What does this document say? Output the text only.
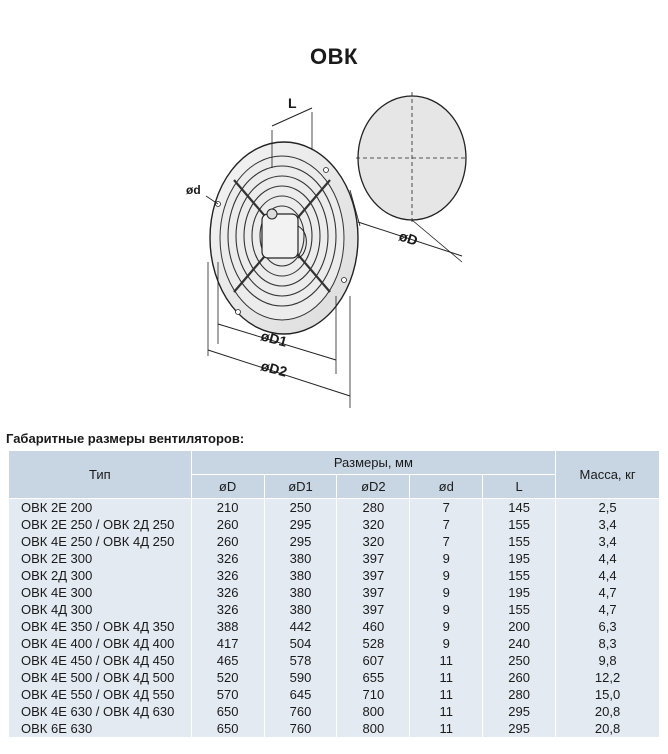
ОВК
øD
L
ød
øD1
øD2
Габаритные размеры вентиляторов:
Тип	Размеры, мм					Масса, кг
	øD	øD1	øD2	ød	L	
ОВК 2Е 200	210	250	280	7	145	2,5
ОВК 2Е 250 / ОВК 2Д 250	260	295	320	7	155	3,4
ОВК 4Е 250 / ОВК 4Д 250	260	295	320	7	155	3,4
ОВК 2Е 300	326	380	397	9	195	4,4
ОВК 2Д 300	326	380	397	9	155	4,4
ОВК 4Е 300	326	380	397	9	195	4,7
ОВК 4Д 300	326	380	397	9	155	4,7
ОВК 4Е 350 / ОВК 4Д 350	388	442	460	9	200	6,3
ОВК 4Е 400 / ОВК 4Д 400	417	504	528	9	240	8,3
ОВК 4Е 450 / ОВК 4Д 450	465	578	607	11	250	9,8
ОВК 4Е 500 / ОВК 4Д 500	520	590	655	11	260	12,2
ОВК 4Е 550 / ОВК 4Д 550	570	645	710	11	280	15,0
ОВК 4Е 630 / ОВК 4Д 630	650	760	800	11	295	20,8
ОВК 6Е 630	650	760	800	11	295	20,8
